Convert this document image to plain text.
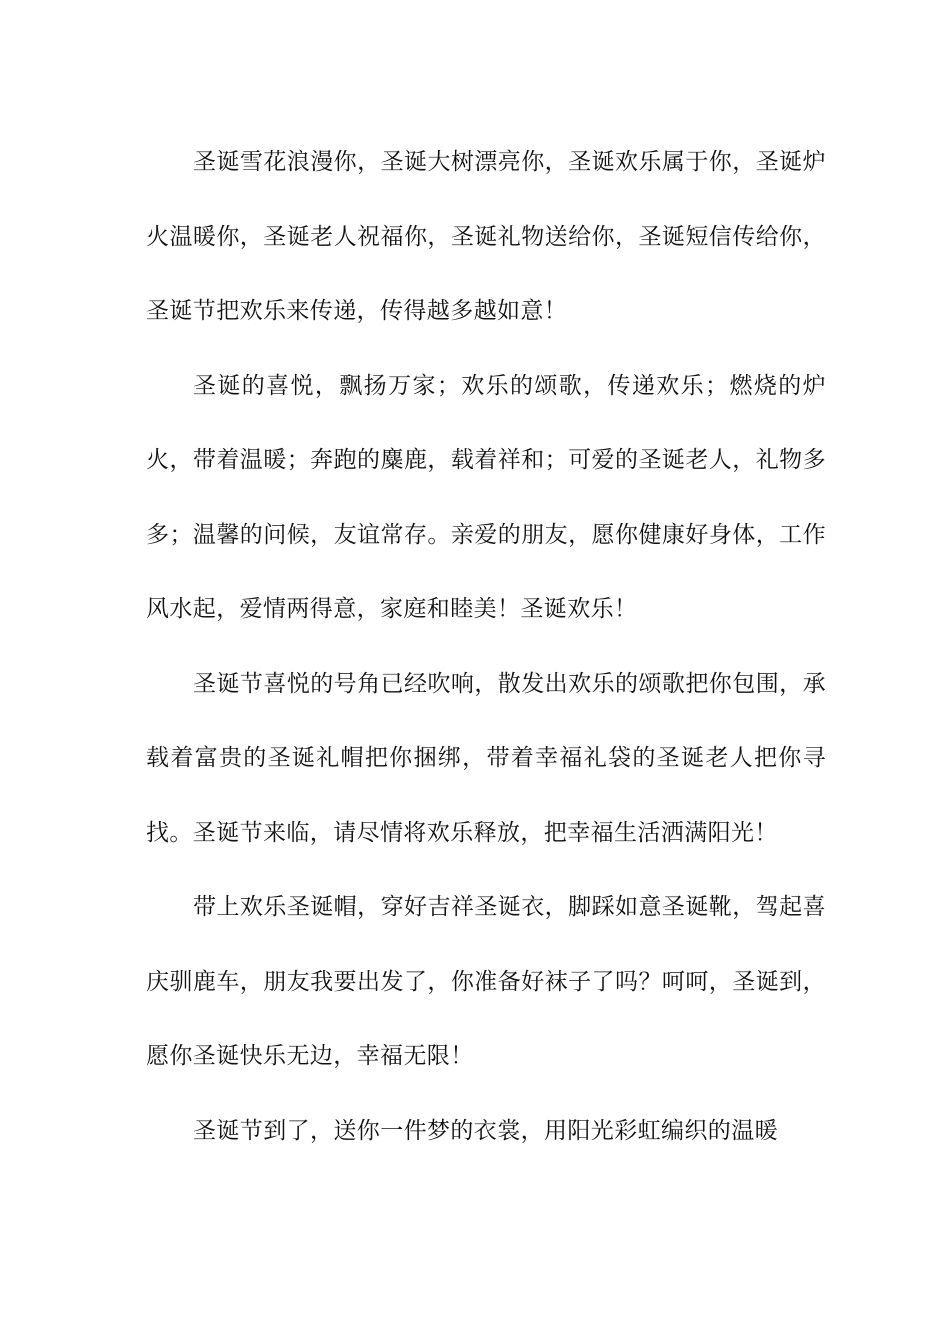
圣诞雪花浪漫你，圣诞大树漂亮你，圣诞欢乐属于你，圣诞炉火温暖你，圣诞老人祝福你，圣诞礼物送给你，圣诞短信传给你，圣诞节把欢乐来传递，传得越多越如意！

圣诞的喜悦，飘扬万家；欢乐的颂歌，传递欢乐；燃烧的炉火，带着温暖；奔跑的麋鹿，载着祥和；可爱的圣诞老人，礼物多多；温馨的问候，友谊常存。亲爱的朋友，愿你健康好身体，工作风水起，爱情两得意，家庭和睦美！圣诞欢乐！

圣诞节喜悦的号角已经吹响，散发出欢乐的颂歌把你包围，承载着富贵的圣诞礼帽把你捆绑，带着幸福礼袋的圣诞老人把你寻找。圣诞节来临，请尽情将欢乐释放，把幸福生活洒满阳光！

带上欢乐圣诞帽，穿好吉祥圣诞衣，脚踩如意圣诞靴，驾起喜庆驯鹿车，朋友我要出发了，你准备好袜子了吗？呵呵，圣诞到，愿你圣诞快乐无边，幸福无限！

圣诞节到了，送你一件梦的衣裳，用阳光彩虹编织的温暖
